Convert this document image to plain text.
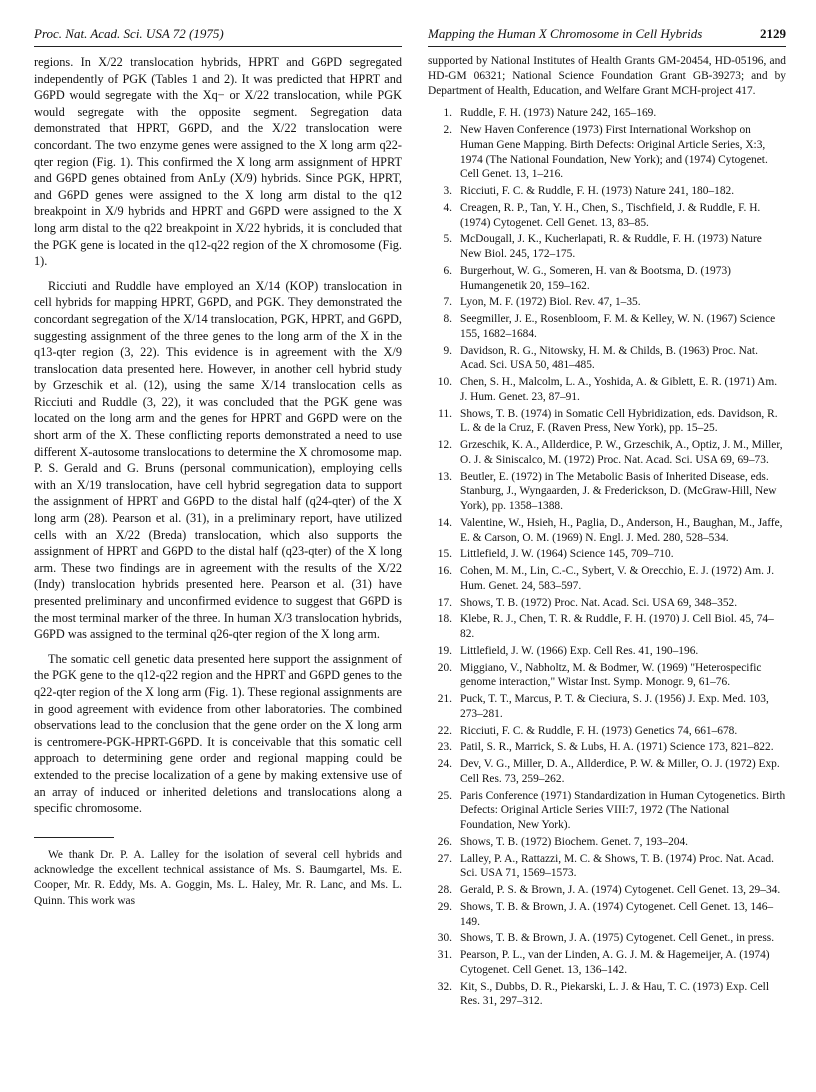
Proc. Nat. Acad. Sci. USA 72 (1975)	Mapping the Human X Chromosome in Cell Hybrids	2129

regions. In X/22 translocation hybrids, HPRT and G6PD segregated independently of PGK (Tables 1 and 2). It was predicted that HPRT and G6PD would segregate with the Xq− or X/22 translocation, while PGK would segregate with the opposite segment. Segregation data demonstrated that HPRT, G6PD, and the X/22 translocation were concordant. The two enzyme genes were assigned to the X long arm q22-qter region (Fig. 1). This confirmed the X long arm assignment of HPRT and G6PD genes obtained from AnLy (X/9) hybrids. Since PGK, HPRT, and G6PD genes were assigned to the X long arm distal to the q12 breakpoint in X/9 hybrids and HPRT and G6PD were assigned to the X long arm distal to the q22 breakpoint in X/22 hybrids, it is concluded that the PGK gene is located in the q12-q22 region of the X chromosome (Fig. 1).

Ricciuti and Ruddle have employed an X/14 (KOP) translocation in cell hybrids for mapping HPRT, G6PD, and PGK. They demonstrated the concordant segregation of the X/14 translocation, PGK, HPRT, and G6PD, suggesting assignment of the three genes to the long arm of the X in the q13-qter region (3, 22). This evidence is in agreement with the X/9 translocation data presented here. However, in another cell hybrid study by Grzeschik et al. (12), using the same X/14 translocation cells as Ricciuti and Ruddle (3, 22), it was concluded that the PGK gene was located on the long arm and the genes for HPRT and G6PD were on the short arm of the X. These conflicting reports demonstrated a need to use different X-autosome translocations to determine the X chromosome map. P. S. Gerald and G. Bruns (personal communication), employing cells with an X/19 translocation, have cell hybrid segregation data to support the assignment of HPRT and G6PD to the distal half (q24-qter) of the X long arm (28). Pearson et al. (31), in a preliminary report, have utilized cells with an X/22 (Breda) translocation, which also supports the assignment of HPRT and G6PD to the distal half (q23-qter) of the X long arm. These two findings are in agreement with the results of the X/22 (Indy) translocation hybrids presented here. Pearson et al. (31) have presented preliminary and unconfirmed evidence to suggest that G6PD is the most terminal marker of the three. In human X/3 translocation hybrids, G6PD was assigned to the terminal q26-qter region of the X long arm.

The somatic cell genetic data presented here support the assignment of the PGK gene to the q12-q22 region and the HPRT and G6PD genes to the q22-qter region of the X long arm (Fig. 1). These regional assignments are in good agreement with evidence from other laboratories. The combined observations lead to the conclusion that the gene order on the X long arm is centromere-PGK-HPRT-G6PD. It is conceivable that this somatic cell approach to determining gene order and regional mapping could be extended to the precise localization of a gene by making extensive use of an array of induced or inherited deletions and translocations along a specific chromosome.

We thank Dr. P. A. Lalley for the isolation of several cell hybrids and acknowledge the excellent technical assistance of Ms. S. Baumgartel, Ms. E. Cooper, Mr. R. Eddy, Ms. A. Goggin, Ms. L. Haley, Mr. R. Lanc, and Ms. L. Quinn. This work was

supported by National Institutes of Health Grants GM-20454, HD-05196, and HD-GM 06321; National Science Foundation Grant GB-39273; and by Department of Health, Education, and Welfare Grant MCH-project 417.

1. Ruddle, F. H. (1973) Nature 242, 165–169.
2. New Haven Conference (1973) First International Workshop on Human Gene Mapping. Birth Defects: Original Article Series, X:3, 1974 (The National Foundation, New York); and (1974) Cytogenet. Cell Genet. 13, 1–216.
3. Ricciuti, F. C. & Ruddle, F. H. (1973) Nature 241, 180–182.
4. Creagen, R. P., Tan, Y. H., Chen, S., Tischfield, J. & Ruddle, F. H. (1974) Cytogenet. Cell Genet. 13, 83–85.
5. McDougall, J. K., Kucherlapati, R. & Ruddle, F. H. (1973) Nature New Biol. 245, 172–175.
6. Burgerhout, W. G., Someren, H. van & Bootsma, D. (1973) Humangenetik 20, 159–162.
7. Lyon, M. F. (1972) Biol. Rev. 47, 1–35.
8. Seegmiller, J. E., Rosenbloom, F. M. & Kelley, W. N. (1967) Science 155, 1682–1684.
9. Davidson, R. G., Nitowsky, H. M. & Childs, B. (1963) Proc. Nat. Acad. Sci. USA 50, 481–485.
10. Chen, S. H., Malcolm, L. A., Yoshida, A. & Giblett, E. R. (1971) Am. J. Hum. Genet. 23, 87–91.
11. Shows, T. B. (1974) in Somatic Cell Hybridization, eds. Davidson, R. L. & de la Cruz, F. (Raven Press, New York), pp. 15–25.
12. Grzeschik, K. A., Allderdice, P. W., Grzeschik, A., Optiz, J. M., Miller, O. J. & Siniscalco, M. (1972) Proc. Nat. Acad. Sci. USA 69, 69–73.
13. Beutler, E. (1972) in The Metabolic Basis of Inherited Disease, eds. Stanburg, J., Wyngaarden, J. & Frederickson, D. (McGraw-Hill, New York), pp. 1358–1388.
14. Valentine, W., Hsieh, H., Paglia, D., Anderson, H., Baughan, M., Jaffe, E. & Carson, O. M. (1969) N. Engl. J. Med. 280, 528–534.
15. Littlefield, J. W. (1964) Science 145, 709–710.
16. Cohen, M. M., Lin, C.-C., Sybert, V. & Orecchio, E. J. (1972) Am. J. Hum. Genet. 24, 583–597.
17. Shows, T. B. (1972) Proc. Nat. Acad. Sci. USA 69, 348–352.
18. Klebe, R. J., Chen, T. R. & Ruddle, F. H. (1970) J. Cell Biol. 45, 74–82.
19. Littlefield, J. W. (1966) Exp. Cell Res. 41, 190–196.
20. Miggiano, V., Nabholtz, M. & Bodmer, W. (1969) "Heterospecific genome interaction," Wistar Inst. Symp. Monogr. 9, 61–76.
21. Puck, T. T., Marcus, P. T. & Cieciura, S. J. (1956) J. Exp. Med. 103, 273–281.
22. Ricciuti, F. C. & Ruddle, F. H. (1973) Genetics 74, 661–678.
23. Patil, S. R., Marrick, S. & Lubs, H. A. (1971) Science 173, 821–822.
24. Dev, V. G., Miller, D. A., Allderdice, P. W. & Miller, O. J. (1972) Exp. Cell Res. 73, 259–262.
25. Paris Conference (1971) Standardization in Human Cytogenetics. Birth Defects: Original Article Series VIII:7, 1972 (The National Foundation, New York).
26. Shows, T. B. (1972) Biochem. Genet. 7, 193–204.
27. Lalley, P. A., Rattazzi, M. C. & Shows, T. B. (1974) Proc. Nat. Acad. Sci. USA 71, 1569–1573.
28. Gerald, P. S. & Brown, J. A. (1974) Cytogenet. Cell Genet. 13, 29–34.
29. Shows, T. B. & Brown, J. A. (1974) Cytogenet. Cell Genet. 13, 146–149.
30. Shows, T. B. & Brown, J. A. (1975) Cytogenet. Cell Genet., in press.
31. Pearson, P. L., van der Linden, A. G. J. M. & Hagemeijer, A. (1974) Cytogenet. Cell Genet. 13, 136–142.
32. Kit, S., Dubbs, D. R., Piekarski, L. J. & Hau, T. C. (1973) Exp. Cell Res. 31, 297–312.
